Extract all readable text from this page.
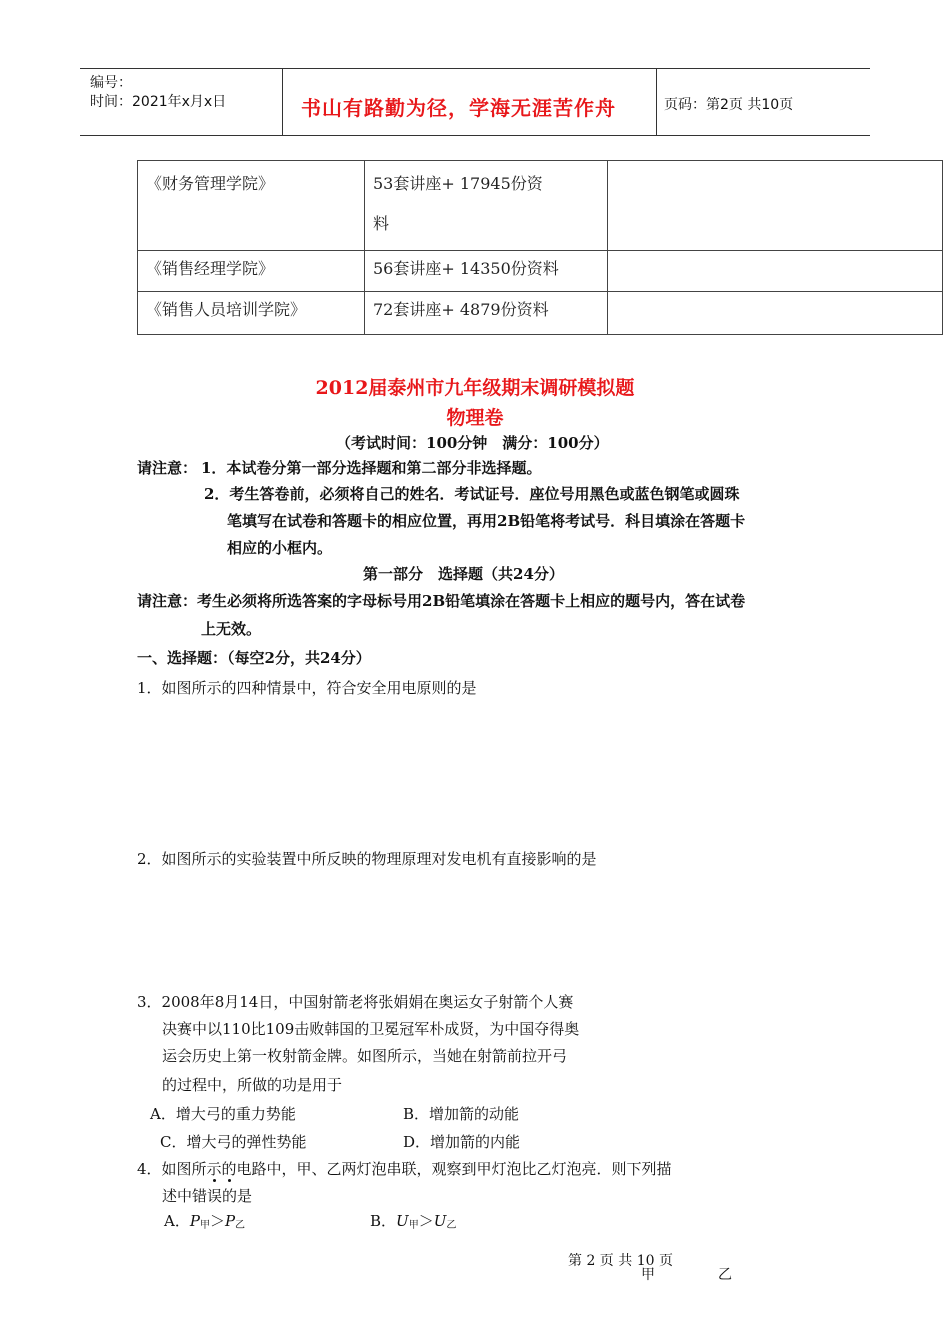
编号：
时间：2021年x月x日	书山有路勤为径，学海无涯苦作舟	页码：第2页 共10页
《财务管理学院》	53套讲座+ 17945份资
料	
《销售经理学院》	56套讲座+ 14350份资料	
《销售人员培训学院》	72套讲座+ 4879份资料	
2012届泰州市九年级期末调研模拟题
物理卷
（考试时间：100分钟　满分：100分）
请注意： 1．本试卷分第一部分选择题和第二部分非选择题。
2．考生答卷前，必须将自己的姓名．考试证号．座位号用黑色或蓝色钢笔或圆珠
笔填写在试卷和答题卡的相应位置，再用2B铅笔将考试号．科目填涂在答题卡
相应的小框内。
第一部分　选择题（共24分）
请注意：考生必须将所选答案的字母标号用2B铅笔填涂在答题卡上相应的题号内，答在试卷
上无效。
一、选择题：（每空2分，共24分）
1．如图所示的四种情景中，符合安全用电原则的是
2．如图所示的实验装置中所反映的物理原理对发电机有直接影响的是
3．2008年8月14日，中国射箭老将张娟娟在奥运女子射箭个人赛
决赛中以110比109击败韩国的卫冕冠军朴成贤，为中国夺得奥
运会历史上第一枚射箭金牌。如图所示，当她在射箭前拉开弓
的过程中，所做的功是用于
A．增大弓的重力势能	B．增加箭的动能
C．增大弓的弹性势能	D．增加箭的内能
4．如图所示的电路中，甲、乙两灯泡串联，观察到甲灯泡比乙灯泡亮．则下列描
述中错误的是
A．$P_甲>P_乙$	B．$U_甲>U_乙$
第 2 页 共 10 页
甲	乙
